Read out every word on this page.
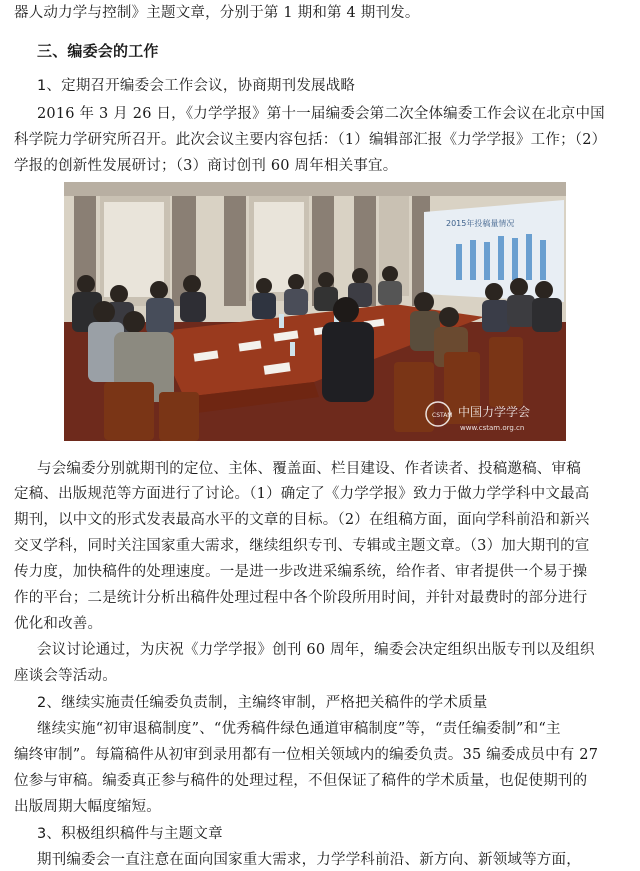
器人动力学与控制》主题文章，分别于第 1 期和第 4 期刊发。
三、编委会的工作
1、定期召开编委会工作会议，协商期刊发展战略
2016 年 3 月 26 日，《力学学报》第十一届编委会第二次全体编委工作会议在北京中国
科学院力学研究所召开。此次会议主要内容包括：（1）编辑部汇报《力学学报》工作；（2）
学报的创新性发展研讨；（3）商讨创刊 60 周年相关事宜。
2015年投稿量情况
CSTAM 中国力学学会
www.cstam.org.cn
与会编委分别就期刊的定位、主体、覆盖面、栏目建设、作者读者、投稿邀稿、审稿
定稿、出版规范等方面进行了讨论。（1）确定了《力学学报》致力于做力学学科中文最高
期刊，以中文的形式发表最高水平的文章的目标。（2）在组稿方面，面向学科前沿和新兴
交叉学科，同时关注国家重大需求，继续组织专刊、专辑或主题文章。（3）加大期刊的宣
传力度，加快稿件的处理速度。一是进一步改进采编系统，给作者、审者提供一个易于操
作的平台；二是统计分析出稿件处理过程中各个阶段所用时间，并针对最费时的部分进行
优化和改善。
会议讨论通过，为庆祝《力学学报》创刊 60 周年，编委会决定组织出版专刊以及组织
座谈会等活动。
2、继续实施责任编委负责制，主编终审制，严格把关稿件的学术质量
继续实施“初审退稿制度”、“优秀稿件绿色通道审稿制度”等，“责任编委制”和“主
编终审制”。每篇稿件从初审到录用都有一位相关领域内的编委负责。35 编委成员中有 27
位参与审稿。编委真正参与稿件的处理过程，不但保证了稿件的学术质量，也促使期刊的
出版周期大幅度缩短。
3、积极组织稿件与主题文章
期刊编委会一直注意在面向国家重大需求，力学学科前沿、新方向、新领域等方面，
